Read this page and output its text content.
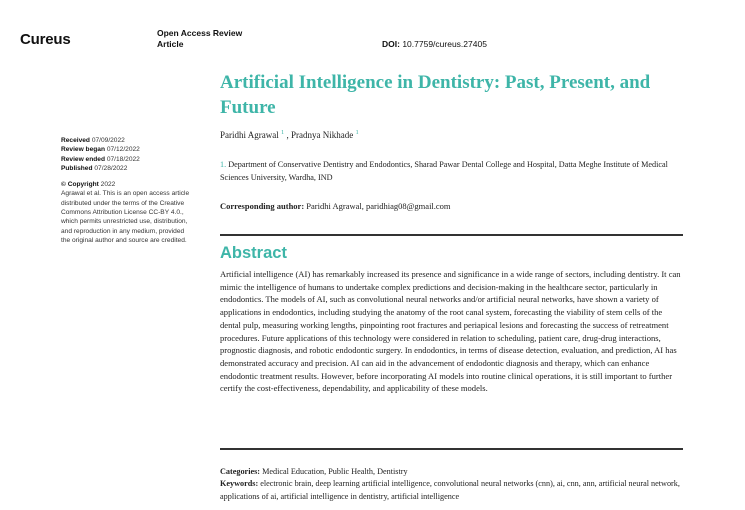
Cureus	Open Access Review
Article	DOI: 10.7759/cureus.27405
Artificial Intelligence in Dentistry: Past, Present, and Future
Paridhi Agrawal $^1$ , Pradnya Nikhade $^1$
1. Department of Conservative Dentistry and Endodontics, Sharad Pawar Dental College and Hospital, Datta Meghe Institute of Medical Sciences University, Wardha, IND
Corresponding author: Paridhi Agrawal, paridhiag08@gmail.com
Received 07/09/2022
Review began 07/12/2022
Review ended 07/18/2022
Published 07/28/2022
© Copyright 2022
Agrawal et al. This is an open access article
distributed under the terms of the Creative
Commons Attribution License CC-BY 4.0.,
which permits unrestricted use, distribution,
and reproduction in any medium, provided
the original author and source are credited.
Abstract

Artificial intelligence (AI) has remarkably increased its presence and significance in a wide range of sectors, including dentistry. It can mimic the intelligence of humans to undertake complex predictions and decision-making in the healthcare sector, particularly in endodontics. The models of AI, such as convolutional neural networks and/or artificial neural networks, have shown a variety of applications in endodontics, including studying the anatomy of the root canal system, forecasting the viability of stem cells of the dental pulp, measuring working lengths, pinpointing root fractures and periapical lesions and forecasting the success of retreatment procedures. Future applications of this technology were considered in relation to scheduling, patient care, drug-drug interactions, prognostic diagnosis, and robotic endodontic surgery. In endodontics, in terms of disease detection, evaluation, and prediction, AI has demonstrated accuracy and precision. AI can aid in the advancement of endodontic diagnosis and therapy, which can enhance endodontic treatment results. However, before incorporating AI models into routine clinical operations, it is still important to further certify the cost-effectiveness, dependability, and applicability of these models.

Categories: Medical Education, Public Health, Dentistry
Keywords: electronic brain, deep learning artificial intelligence, convolutional neural networks (cnn), ai, cnn, ann, artificial neural network, applications of ai, artificial intelligence in dentistry, artificial intelligence
